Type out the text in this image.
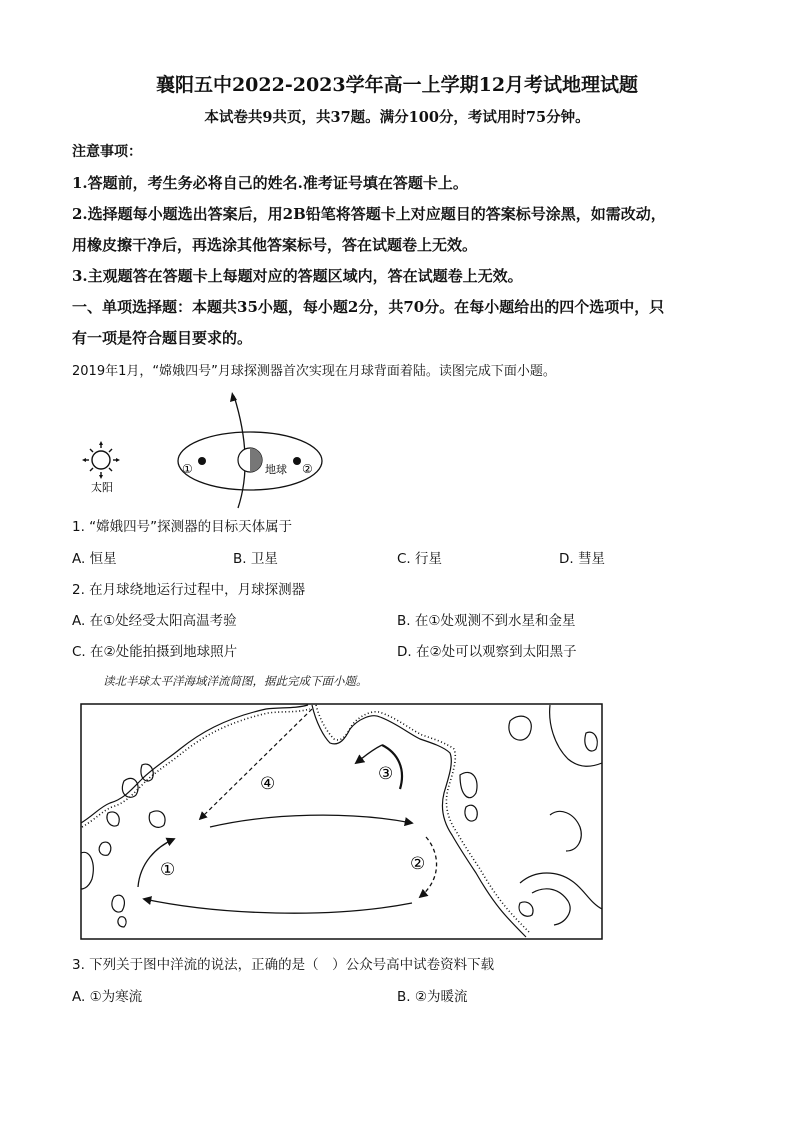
襄阳五中2022-2023学年高一上学期12月考试地理试题
本试卷共9共页，共37题。满分100分，考试用时75分钟。
注意事项：
1.答题前，考生务必将自己的姓名.准考证号填在答题卡上。
2.选择题每小题选出答案后，用2B铅笔将答题卡上对应题目的答案标号涂黑，如需改动，
用橡皮擦干净后，再选涂其他答案标号，答在试题卷上无效。
3.主观题答在答题卡上每题对应的答题区域内，答在试题卷上无效。
一、单项选择题：本题共35小题，每小题2分，共70分。在每小题给出的四个选项中，只
有一项是符合题目要求的。
2019年1月，“嫦娥四号”月球探测器首次实现在月球背面着陆。读图完成下面小题。
太阳
地球
①	②
1. “嫦娥四号”探测器的目标天体属于
A. 恒星	B. 卫星	C. 行星	D. 彗星
2. 在月球绕地运行过程中，月球探测器
A. 在①处经受太阳高温考验	B. 在①处观测不到水星和金星
C. 在②处能拍摄到地球照片	D. 在②处可以观察到太阳黑子
读北半球太平洋海域洋流简图，据此完成下面小题。
④	③
①	②
3. 下列关于图中洋流的说法，正确的是（　）公众号高中试卷资料下载
A. ①为寒流	B. ②为暖流
